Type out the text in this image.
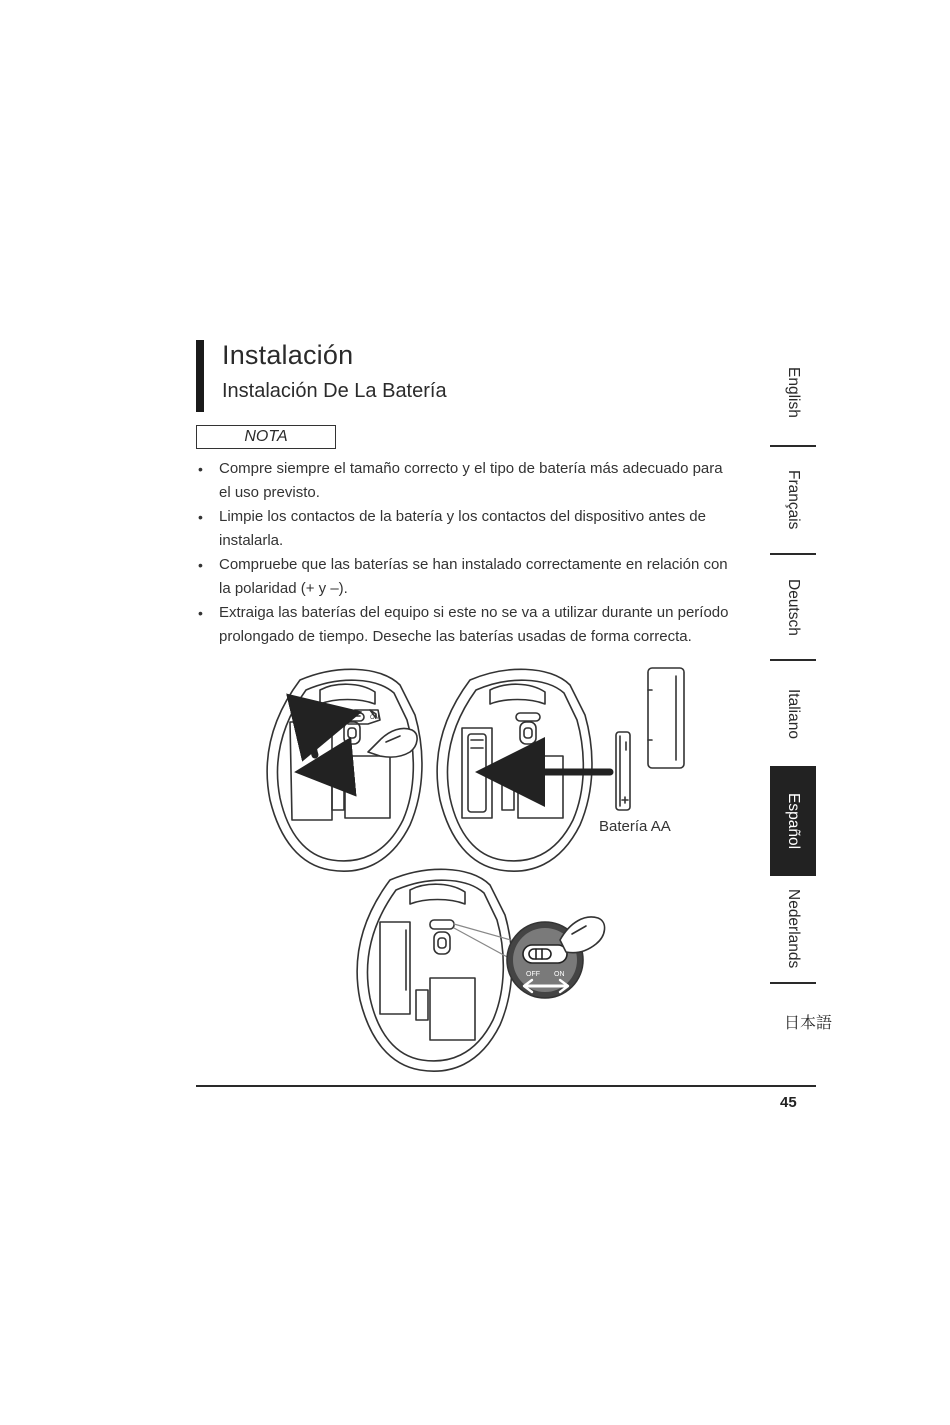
Instalación
Instalación De La Batería
NOTA
• Compre siempre el tamaño correcto y el tipo de batería más adecuado para
el uso previsto.
• Limpie los contactos de la batería y los contactos del dispositivo antes de
instalarla.
• Compruebe que las baterías se han instalado correctamente en relación con
la polaridad (+ y –).
• Extraiga las baterías del equipo si este no se va a utilizar durante un período
prolongado de tiempo. Deseche las baterías usadas de forma correcta.
OFF	ON
OFF ON
Batería AA
English
Français
Deutsch
Italiano
Español
Nederlands
日本語
45
